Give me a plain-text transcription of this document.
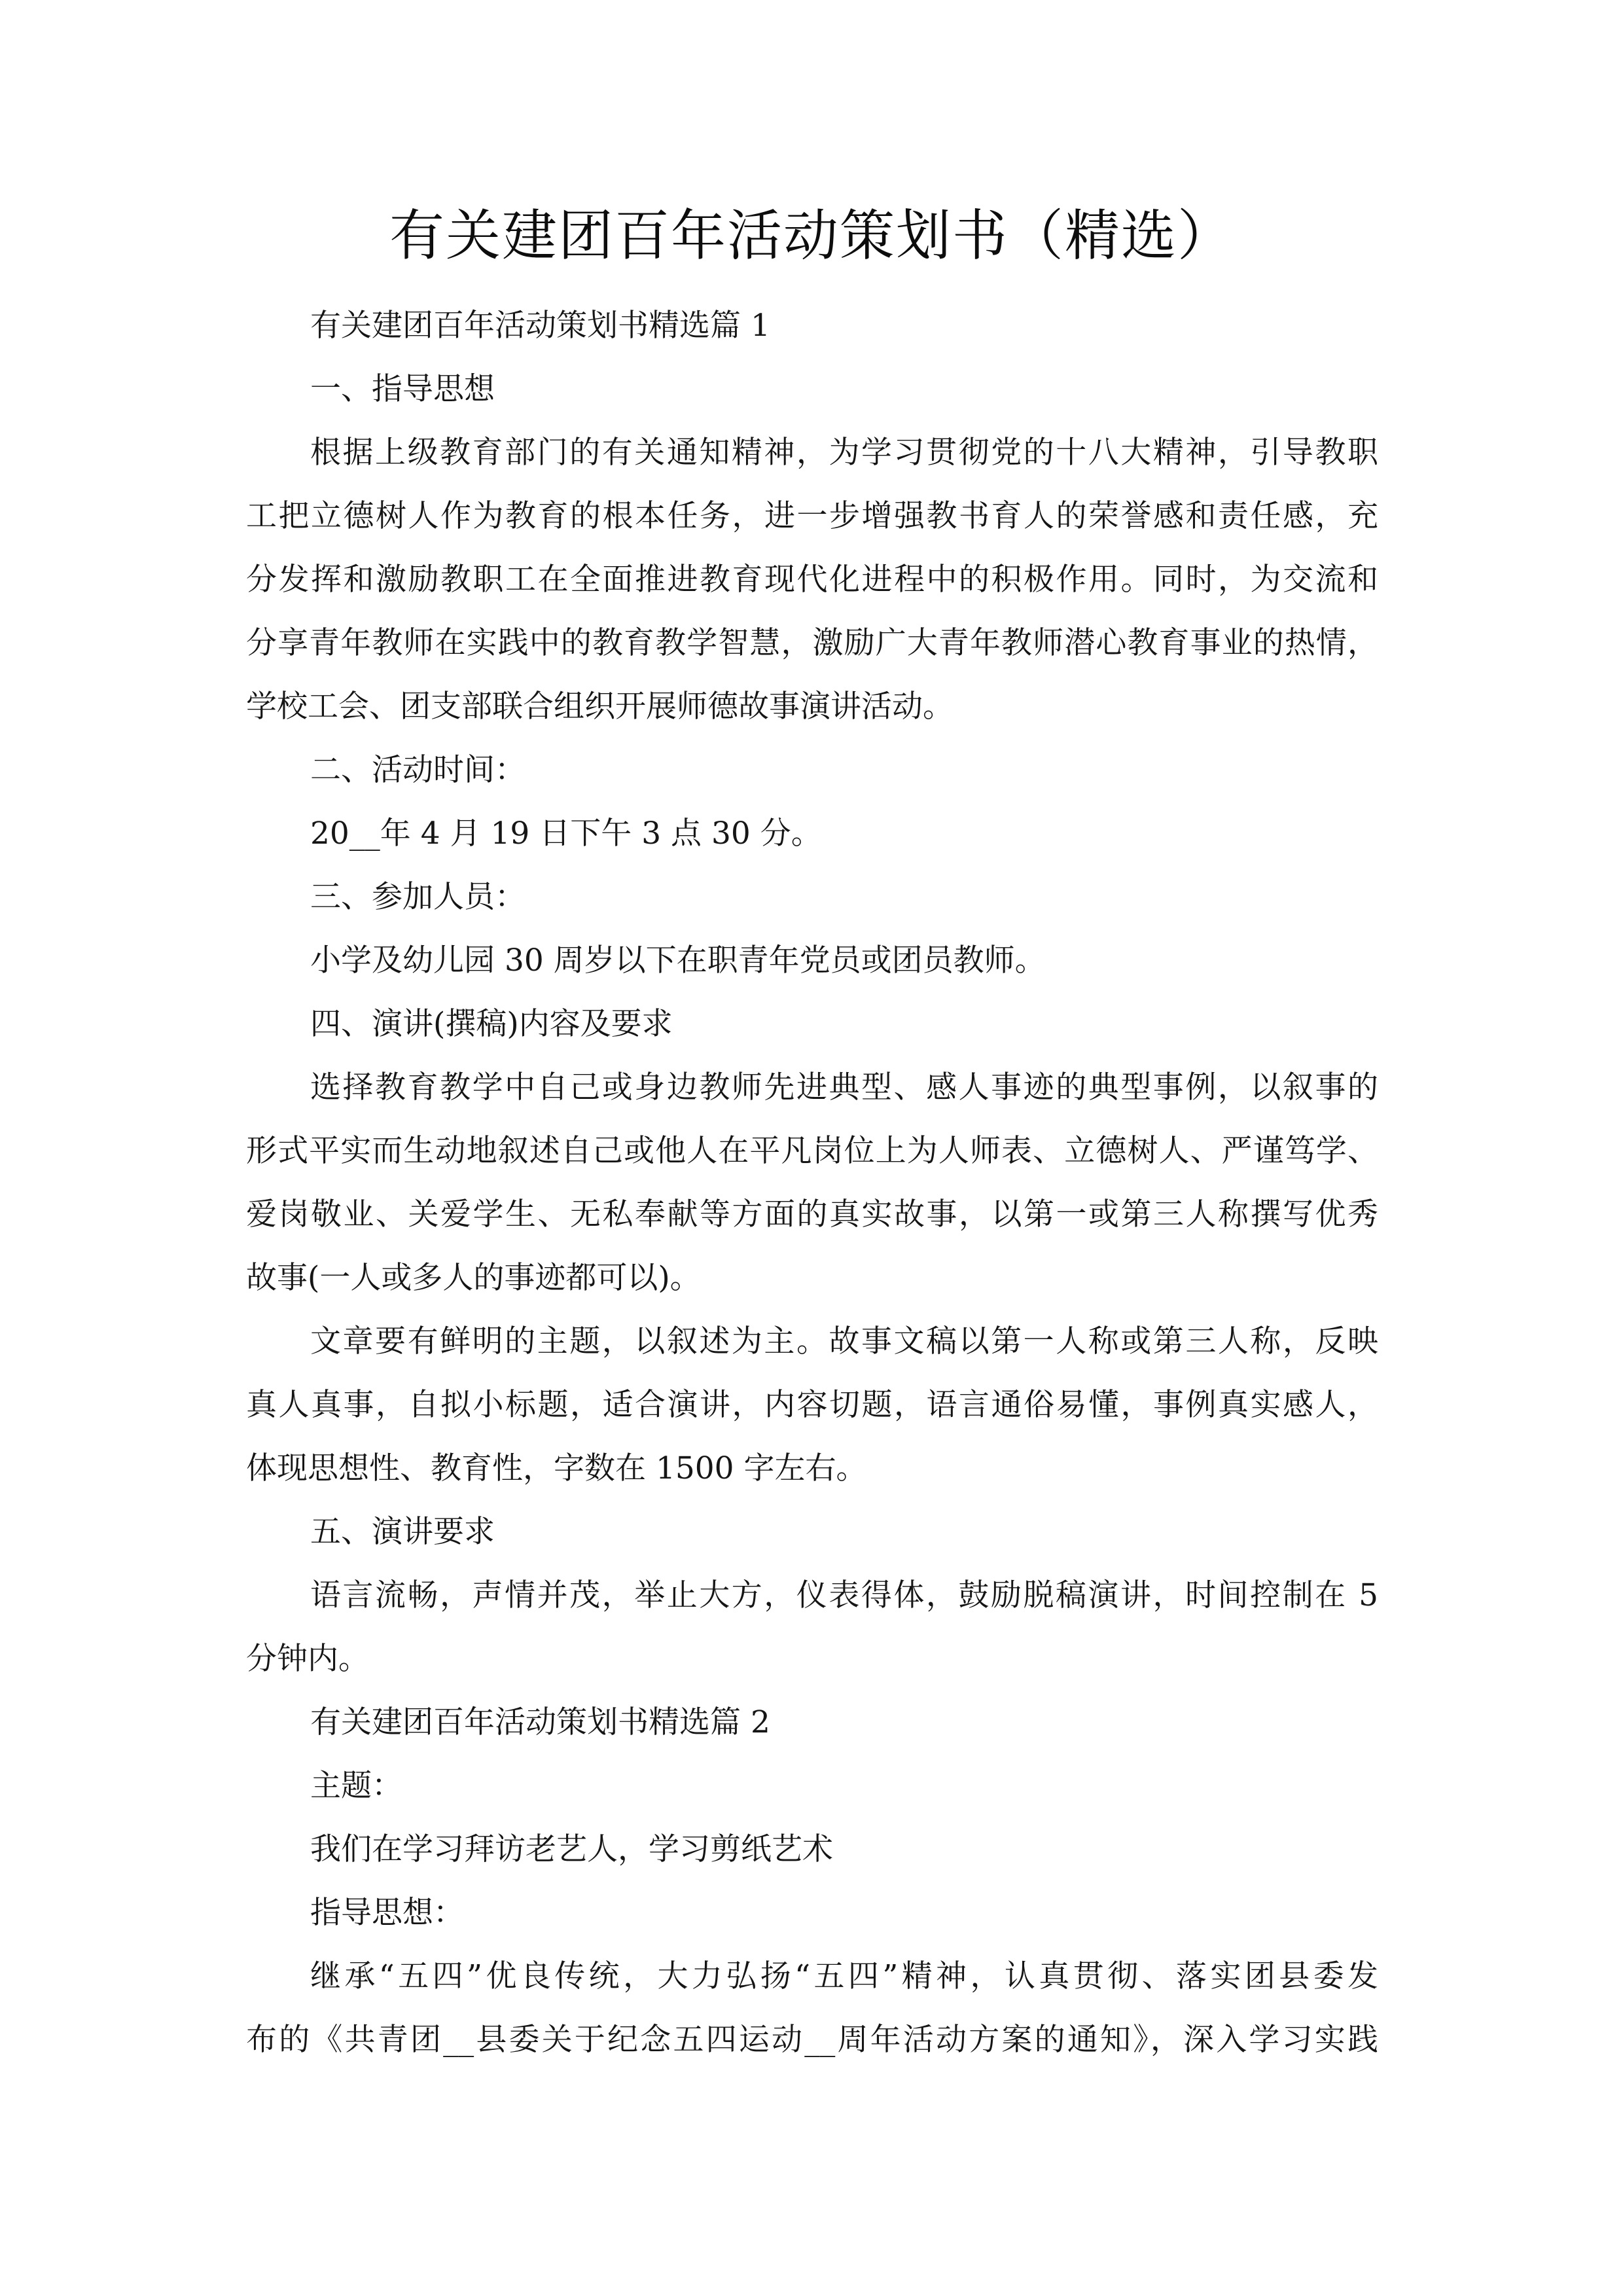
有关建团百年活动策划书（精选）
有关建团百年活动策划书精选篇 1
一、指导思想
根据上级教育部门的有关通知精神，为学习贯彻党的十八大精神，引导教职
工把立德树人作为教育的根本任务，进一步增强教书育人的荣誉感和责任感，充
分发挥和激励教职工在全面推进教育现代化进程中的积极作用。同时，为交流和
分享青年教师在实践中的教育教学智慧，激励广大青年教师潜心教育事业的热情，
学校工会、团支部联合组织开展师德故事演讲活动。
二、活动时间：
20__年 4 月 19 日下午 3 点 30 分。
三、参加人员：
小学及幼儿园 30 周岁以下在职青年党员或团员教师。
四、演讲(撰稿)内容及要求
选择教育教学中自己或身边教师先进典型、感人事迹的典型事例，以叙事的
形式平实而生动地叙述自己或他人在平凡岗位上为人师表、立德树人、严谨笃学、
爱岗敬业、关爱学生、无私奉献等方面的真实故事，以第一或第三人称撰写优秀
故事(一人或多人的事迹都可以)。
文章要有鲜明的主题，以叙述为主。故事文稿以第一人称或第三人称，反映
真人真事，自拟小标题，适合演讲，内容切题，语言通俗易懂，事例真实感人，
体现思想性、教育性，字数在 1500 字左右。
五、演讲要求
语言流畅，声情并茂，举止大方，仪表得体，鼓励脱稿演讲，时间控制在 5
分钟内。
有关建团百年活动策划书精选篇 2
主题：
我们在学习拜访老艺人，学习剪纸艺术
指导思想：
继承“五四”优良传统，大力弘扬“五四”精神，认真贯彻、落实团县委发
布的《共青团__县委关于纪念五四运动__周年活动方案的通知》，深入学习实践
